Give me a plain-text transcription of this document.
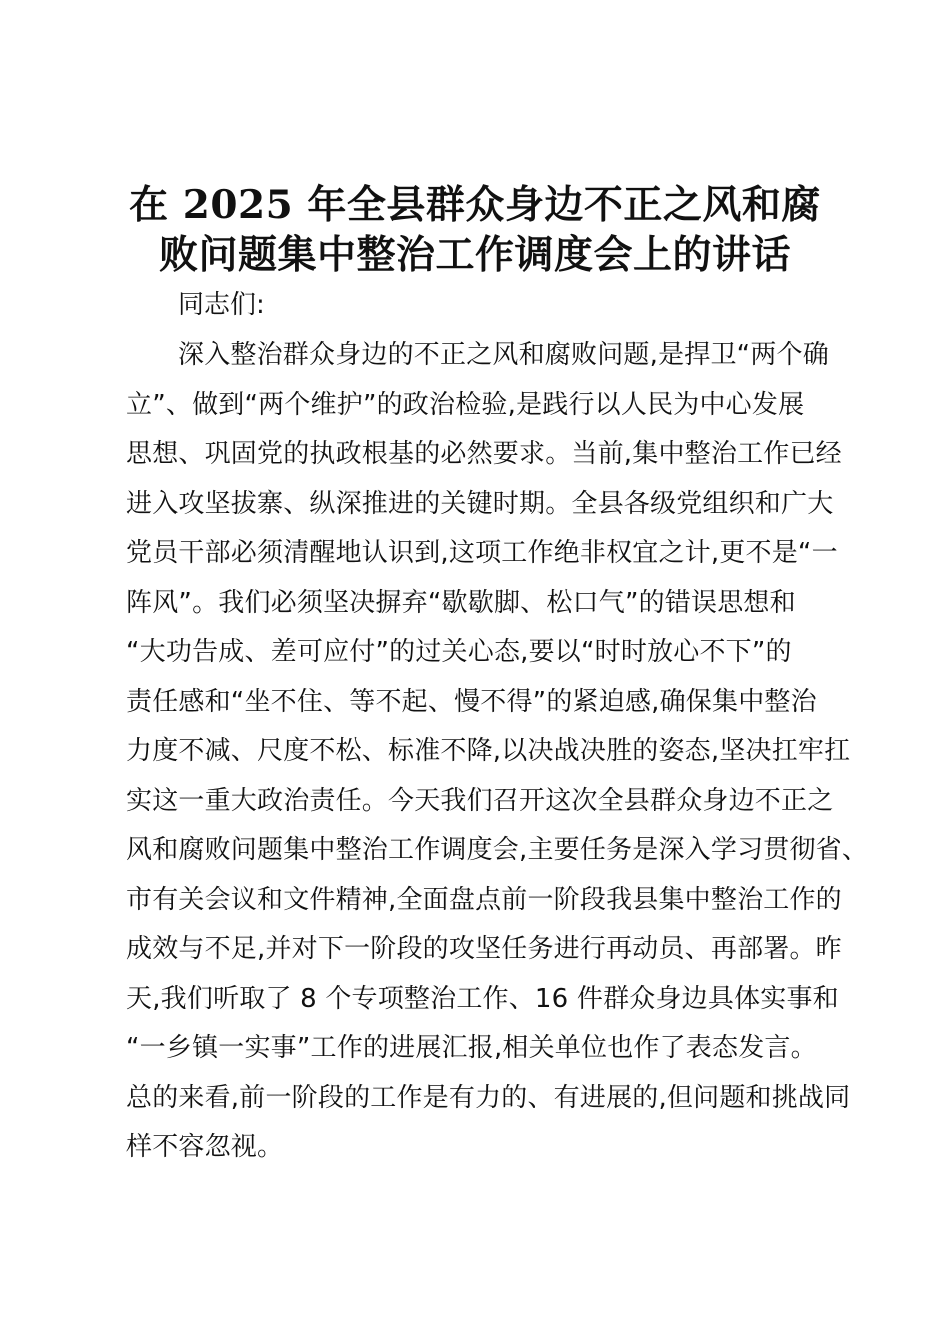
在 2025 年全县群众身边不正之风和腐
败问题集中整治工作调度会上的讲话

同志们:

深入整治群众身边的不正之风和腐败问题,是捍卫“两个确
立”、做到“两个维护”的政治检验,是践行以人民为中心发展
思想、巩固党的执政根基的必然要求。当前,集中整治工作已经
进入攻坚拔寨、纵深推进的关键时期。全县各级党组织和广大
党员干部必须清醒地认识到,这项工作绝非权宜之计,更不是“一
阵风”。我们必须坚决摒弃“歇歇脚、松口气”的错误思想和
“大功告成、差可应付”的过关心态,要以“时时放心不下”的
责任感和“坐不住、等不起、慢不得”的紧迫感,确保集中整治
力度不减、尺度不松、标准不降,以决战决胜的姿态,坚决扛牢扛
实这一重大政治责任。今天我们召开这次全县群众身边不正之
风和腐败问题集中整治工作调度会,主要任务是深入学习贯彻省、
市有关会议和文件精神,全面盘点前一阶段我县集中整治工作的
成效与不足,并对下一阶段的攻坚任务进行再动员、再部署。昨
天,我们听取了 8 个专项整治工作、16 件群众身边具体实事和
“一乡镇一实事”工作的进展汇报,相关单位也作了表态发言。
总的来看,前一阶段的工作是有力的、有进展的,但问题和挑战同
样不容忽视。
